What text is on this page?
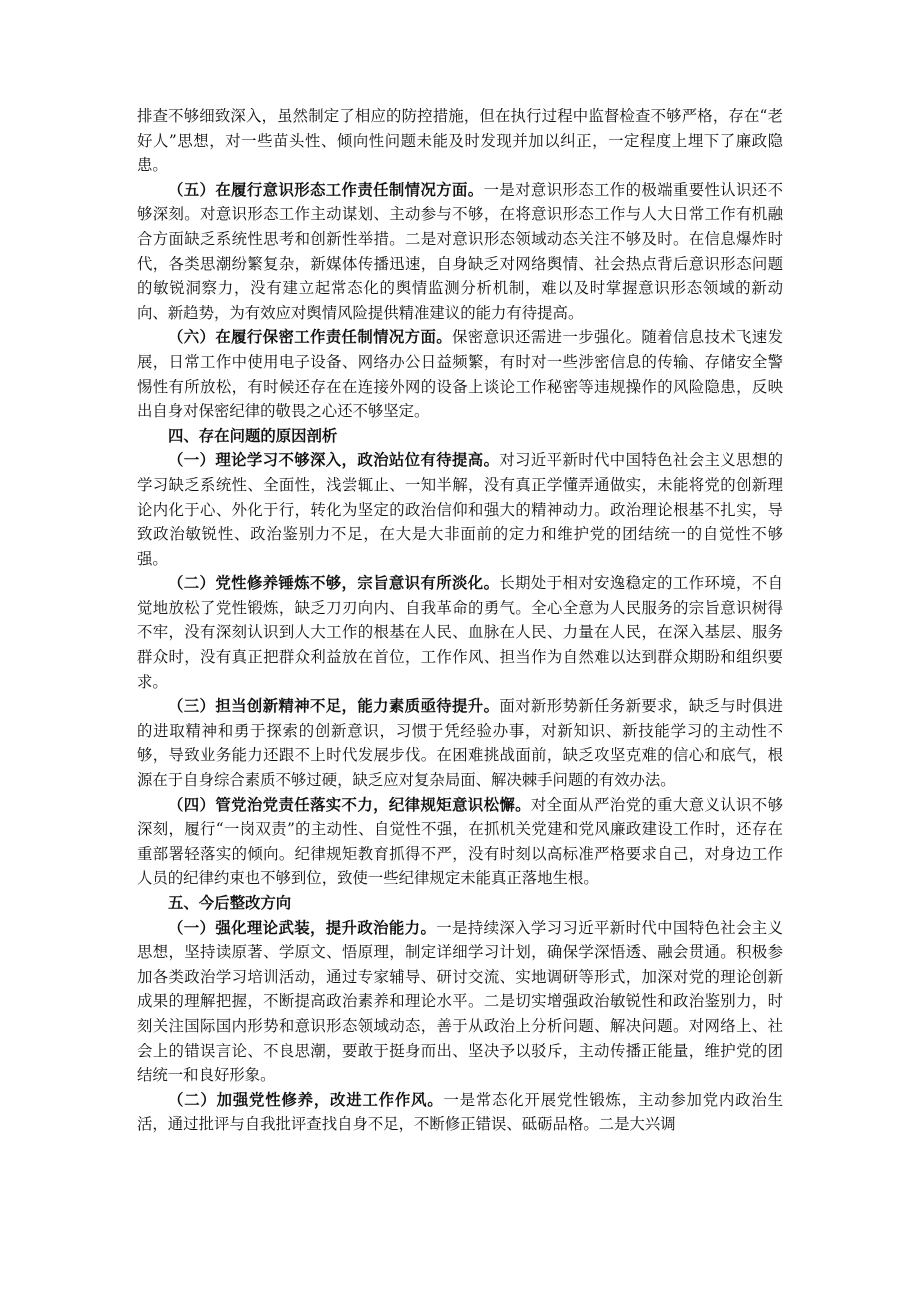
排查不够细致深入，虽然制定了相应的防控措施，但在执行过程中监督检查不够严格，存在“老好人”思想，对一些苗头性、倾向性问题未能及时发现并加以纠正，一定程度上埋下了廉政隐患。

（五）在履行意识形态工作责任制情况方面。一是对意识形态工作的极端重要性认识还不够深刻。对意识形态工作主动谋划、主动参与不够，在将意识形态工作与人大日常工作有机融合方面缺乏系统性思考和创新性举措。二是对意识形态领域动态关注不够及时。在信息爆炸时代，各类思潮纷繁复杂，新媒体传播迅速，自身缺乏对网络舆情、社会热点背后意识形态问题的敏锐洞察力，没有建立起常态化的舆情监测分析机制，难以及时掌握意识形态领域的新动向、新趋势，为有效应对舆情风险提供精准建议的能力有待提高。

（六）在履行保密工作责任制情况方面。保密意识还需进一步强化。随着信息技术飞速发展，日常工作中使用电子设备、网络办公日益频繁，有时对一些涉密信息的传输、存储安全警惕性有所放松，有时候还存在在连接外网的设备上谈论工作秘密等违规操作的风险隐患，反映出自身对保密纪律的敬畏之心还不够坚定。

四、存在问题的原因剖析

（一）理论学习不够深入，政治站位有待提高。对习近平新时代中国特色社会主义思想的学习缺乏系统性、全面性，浅尝辄止、一知半解，没有真正学懂弄通做实，未能将党的创新理论内化于心、外化于行，转化为坚定的政治信仰和强大的精神动力。政治理论根基不扎实，导致政治敏锐性、政治鉴别力不足，在大是大非面前的定力和维护党的团结统一的自觉性不够强。

（二）党性修养锤炼不够，宗旨意识有所淡化。长期处于相对安逸稳定的工作环境，不自觉地放松了党性锻炼，缺乏刀刃向内、自我革命的勇气。全心全意为人民服务的宗旨意识树得不牢，没有深刻认识到人大工作的根基在人民、血脉在人民、力量在人民，在深入基层、服务群众时，没有真正把群众利益放在首位，工作作风、担当作为自然难以达到群众期盼和组织要求。

（三）担当创新精神不足，能力素质亟待提升。面对新形势新任务新要求，缺乏与时俱进的进取精神和勇于探索的创新意识，习惯于凭经验办事，对新知识、新技能学习的主动性不够，导致业务能力还跟不上时代发展步伐。在困难挑战面前，缺乏攻坚克难的信心和底气，根源在于自身综合素质不够过硬，缺乏应对复杂局面、解决棘手问题的有效办法。

（四）管党治党责任落实不力，纪律规矩意识松懈。对全面从严治党的重大意义认识不够深刻，履行“一岗双责”的主动性、自觉性不强，在抓机关党建和党风廉政建设工作时，还存在重部署轻落实的倾向。纪律规矩教育抓得不严，没有时刻以高标准严格要求自己，对身边工作人员的纪律约束也不够到位，致使一些纪律规定未能真正落地生根。

五、今后整改方向

（一）强化理论武装，提升政治能力。一是持续深入学习习近平新时代中国特色社会主义思想，坚持读原著、学原文、悟原理，制定详细学习计划，确保学深悟透、融会贯通。积极参加各类政治学习培训活动，通过专家辅导、研讨交流、实地调研等形式，加深对党的理论创新成果的理解把握，不断提高政治素养和理论水平。二是切实增强政治敏锐性和政治鉴别力，时刻关注国际国内形势和意识形态领域动态，善于从政治上分析问题、解决问题。对网络上、社会上的错误言论、不良思潮，要敢于挺身而出、坚决予以驳斥，主动传播正能量，维护党的团结统一和良好形象。

（二）加强党性修养，改进工作作风。一是常态化开展党性锻炼，主动参加党内政治生活，通过批评与自我批评查找自身不足，不断修正错误、砥砺品格。二是大兴调
